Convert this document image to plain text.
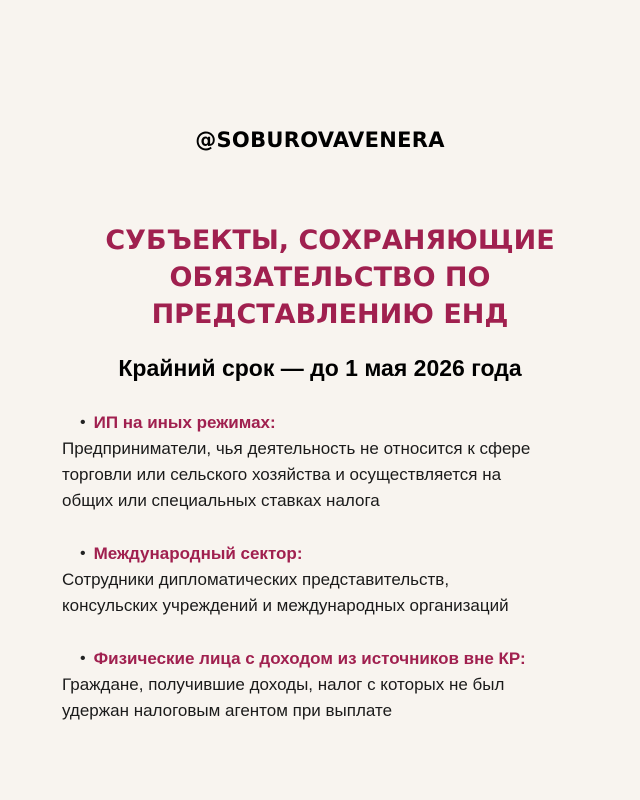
@SOBUROVAVENERA
СУБЪЕКТЫ, СОХРАНЯЮЩИЕ
ОБЯЗАТЕЛЬСТВО ПО
ПРЕДСТАВЛЕНИЮ ЕНД
Крайний срок — до 1 мая 2026 года
• ИП на иных режимах:
Предприниматели, чья деятельность не относится к сфере
торговли или сельского хозяйства и осуществляется на
общих или специальных ставках налога
• Международный сектор:
Сотрудники дипломатических представительств,
консульских учреждений и международных организаций
• Физические лица с доходом из источников вне КР:
Граждане, получившие доходы, налог с которых не был
удержан налоговым агентом при выплате
